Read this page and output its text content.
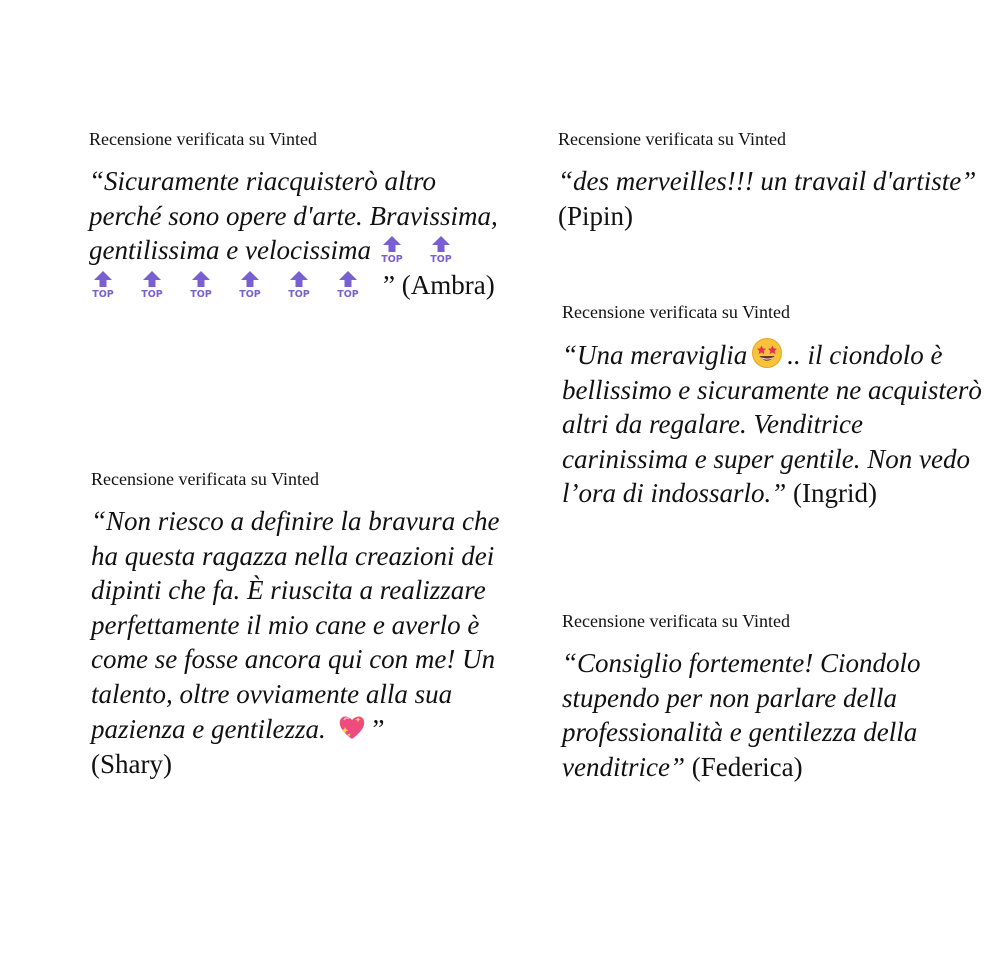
Recensione verificata su Vinted

“Sicuramente riacquisterò altro perché sono opere d'arte. Bravissima, gentilissima e velocissima TOP	TOP
TOP	TOP	TOP	TOP	TOP	TOP ” (Ambra)

Recensione verificata su Vinted

“des merveilles!!! un travail d'artiste” (Pipin)

Recensione verificata su Vinted

“Una meraviglia .. il ciondolo è bellissimo e sicuramente ne acquisterò altri da regalare. Venditrice carinissima e super gentile. Non vedo l’ora di indossarlo.” (Ingrid)

Recensione verificata su Vinted

“Non riesco a definire la bravura che ha questa ragazza nella creazioni dei dipinti che fa. È riuscita a realizzare perfettamente il mio cane e averlo è come se fosse ancora qui con me! Un talento, oltre ovviamente alla sua pazienza e gentilezza. ”
(Shary)

Recensione verificata su Vinted

“Consiglio fortemente! Ciondolo stupendo per non parlare della professionalità e gentilezza della venditrice” (Federica)
